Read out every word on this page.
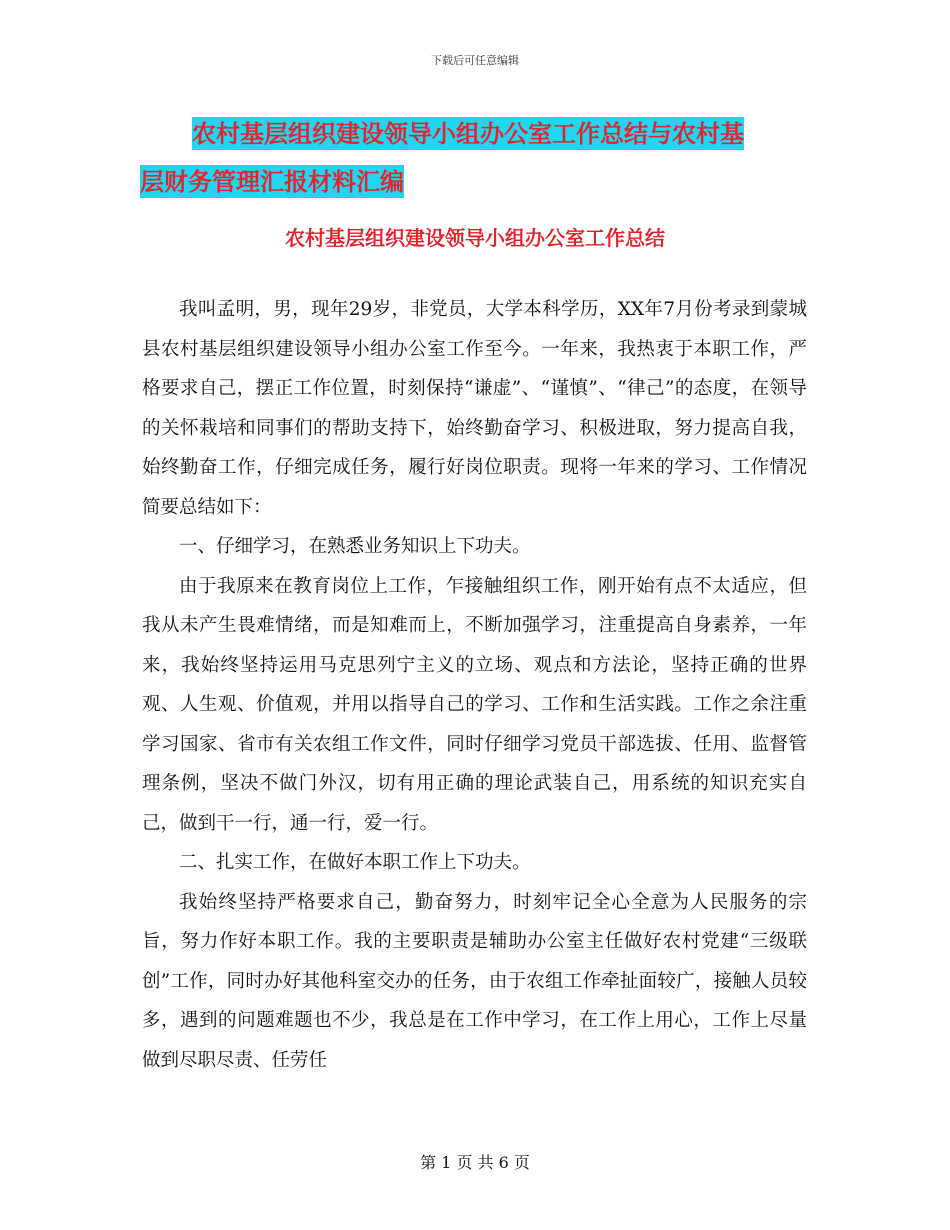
下载后可任意编辑
农村基层组织建设领导小组办公室工作总结与农村基
层财务管理汇报材料汇编
农村基层组织建设领导小组办公室工作总结

我叫孟明，男，现年29岁，非党员，大学本科学历，XX年7月份考录到蒙城县农村基层组织建设领导小组办公室工作至今。一年来，我热衷于本职工作，严格要求自己，摆正工作位置，时刻保持“谦虚”、“谨慎”、“律己”的态度，在领导的关怀栽培和同事们的帮助支持下，始终勤奋学习、积极进取，努力提高自我，始终勤奋工作，仔细完成任务，履行好岗位职责。现将一年来的学习、工作情况简要总结如下：

一、仔细学习，在熟悉业务知识上下功夫。

由于我原来在教育岗位上工作，乍接触组织工作，刚开始有点不太适应，但我从未产生畏难情绪，而是知难而上，不断加强学习，注重提高自身素养，一年来，我始终坚持运用马克思列宁主义的立场、观点和方法论，坚持正确的世界观、人生观、价值观，并用以指导自己的学习、工作和生活实践。工作之余注重学习国家、省市有关农组工作文件，同时仔细学习党员干部选拔、任用、监督管理条例，坚决不做门外汉，切有用正确的理论武装自己，用系统的知识充实自己，做到干一行，通一行，爱一行。

二、扎实工作，在做好本职工作上下功夫。

我始终坚持严格要求自己，勤奋努力，时刻牢记全心全意为人民服务的宗旨，努力作好本职工作。我的主要职责是辅助办公室主任做好农村党建“三级联创”工作，同时办好其他科室交办的任务，由于农组工作牵扯面较广，接触人员较多，遇到的问题难题也不少，我总是在工作中学习，在工作上用心，工作上尽量做到尽职尽责、任劳任

第 1 页 共 6 页
